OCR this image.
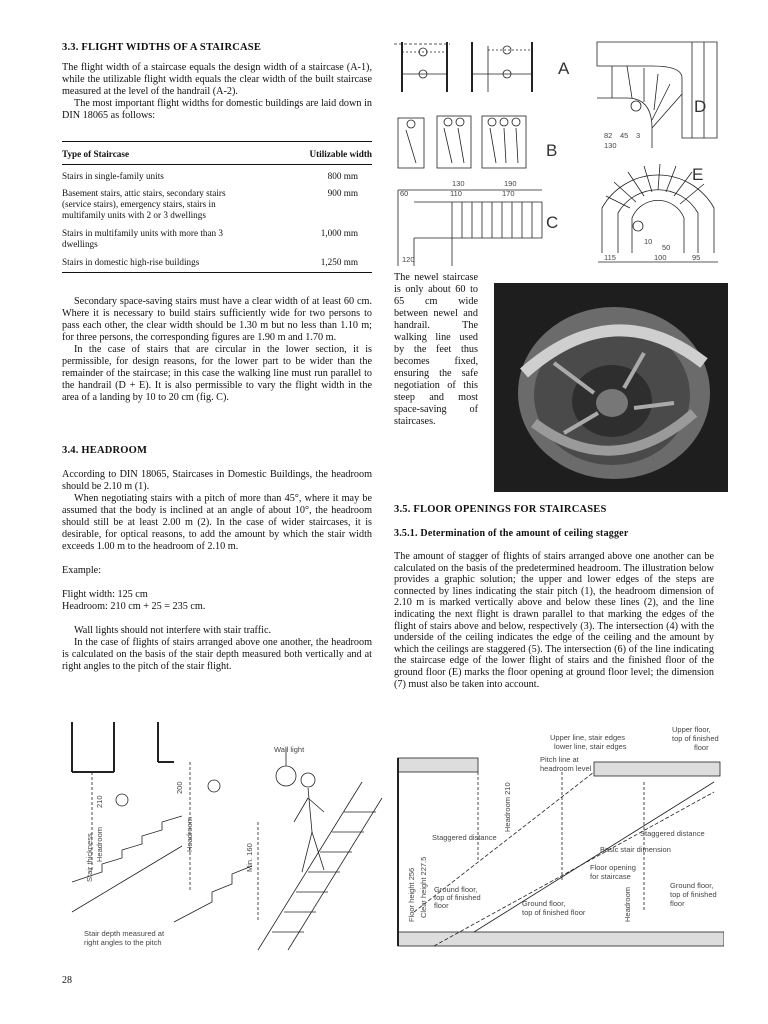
3.3. FLIGHT WIDTHS OF A STAIRCASE
The flight width of a staircase equals the design width of a staircase (A-1), while the utilizable flight width equals the clear width of the built staircase measured at the level of the handrail (A-2).
The most important flight widths for domestic buildings are laid down in DIN 18065 as follows:
Type of Staircase	Utilizable width
Stairs in single-family units	800 mm
Basement stairs, attic stairs, secondary stairs (service stairs), emergency stairs, stairs in multifamily units with 2 or 3 dwellings	900 mm
Stairs in multifamily units with more than 3 dwellings	1,000 mm
Stairs in domestic high-rise buildings	1,250 mm
Secondary space-saving stairs must have a clear width of at least 60 cm. Where it is necessary to build stairs sufficiently wide for two persons to pass each other, the clear width should be 1.30 m but no less than 1.10 m; for three persons, the corresponding figures are 1.90 m and 1.70 m.
In the case of stairs that are circular in the lower section, it is permissible, for design reasons, for the lower part to be wider than the remainder of the staircase; in this case the walking line must run parallel to the handrail (D + E). It is also permissible to vary the flight width in the area of a landing by 10 to 20 cm (fig. C).
3.4. HEADROOM
According to DIN 18065, Staircases in Domestic Buildings, the headroom should be 2.10 m (1).
When negotiating stairs with a pitch of more than 45°, where it may be assumed that the body is inclined at an angle of about 10°, the headroom should still be at least 2.00 m (2). In the case of wider staircases, it is desirable, for optical reasons, to add the amount by which the stair width exceeds 1.00 m to the headroom of 2.10 m.
Example:
Flight width: 125 cm
Headroom: 210 cm + 25 = 235 cm.
Wall lights should not interfere with stair traffic.
In the case of flights of stairs arranged above one another, the headroom is calculated on the basis of the stair depth measured both vertically and at right angles to the pitch of the stair flight.
A
B
C
D
E
130	190
110	170
60
120
82 45 3
130
115	100	95
10
50
The newel staircase is only about 60 to 65 cm wide between newel and handrail. The walking line used by the feet thus becomes fixed, ensuring the safe negotiation of this steep and most space-saving of staircases.
3.5. FLOOR OPENINGS FOR STAIRCASES
3.5.1. Determination of the amount of ceiling stagger
The amount of stagger of flights of stairs arranged above one another can be calculated on the basis of the predetermined headroom. The illustration below provides a graphic solution; the upper and lower edges of the steps are connected by lines indicating the stair pitch (1), the headroom dimension of 2.10 m is marked vertically above and below these lines (2), and the line indicating the next flight is drawn parallel to that marking the edges of the flight of stairs above and below, respectively (3). The intersection (4) with the underside of the ceiling indicates the edge of the ceiling and the amount by which the ceilings are staggered (5). The intersection (6) of the line indicating the staircase edge of the lower flight of stairs and the finished floor of the ground floor (E) marks the floor opening at ground floor level; the dimension (7) must also be taken into account.
Wall light
Stair thickness Headroom	Headroom
Min. 160
210
200
Stair depth measured at
right angles to the pitch
Upper floor,
top of finished
floor
Upper line, stair edges
lower line, stair edges
Pitch line at
headroom level
Staggered distance	Staggered distance
Basic stair dimension
Floor opening
for staircase
Ground floor,
top of finished
floor	Ground floor,
top of finished floor
Ground floor,
top of finished
floor
Floor height 256 Clear height 227.5	Headroom
Headroom 210
28
